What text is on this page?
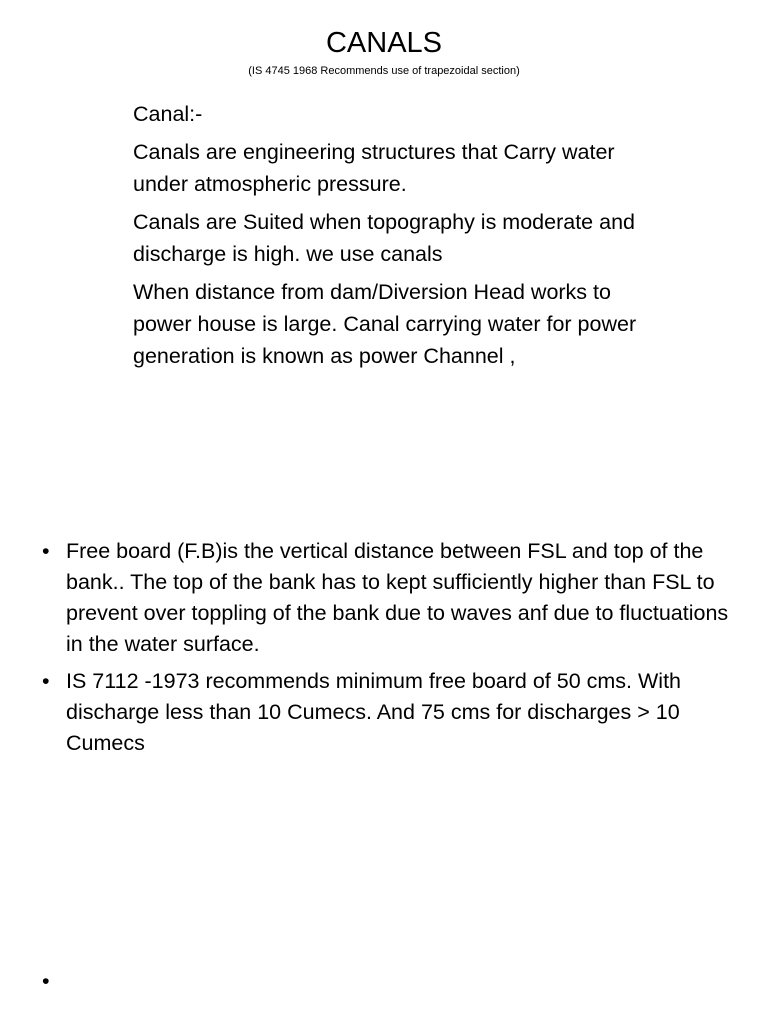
CANALS
(IS 4745 1968 Recommends use of trapezoidal section)

Canal:-

Canals are engineering structures that Carry water under atmospheric pressure.

Canals are Suited when topography is moderate and discharge is high. we use canals

When distance from dam/Diversion Head works to power house is large. Canal carrying water for power generation is known as power Channel ,

• Free board (F.B)is the vertical distance between FSL and top of the bank.. The top of the bank has to kept sufficiently higher than FSL to prevent over toppling of the bank due to waves anf due to fluctuations in the water surface.
• IS 7112 -1973 recommends minimum free board of 50 cms. With discharge less than 10 Cumecs. And 75 cms for discharges > 10 Cumecs
•
